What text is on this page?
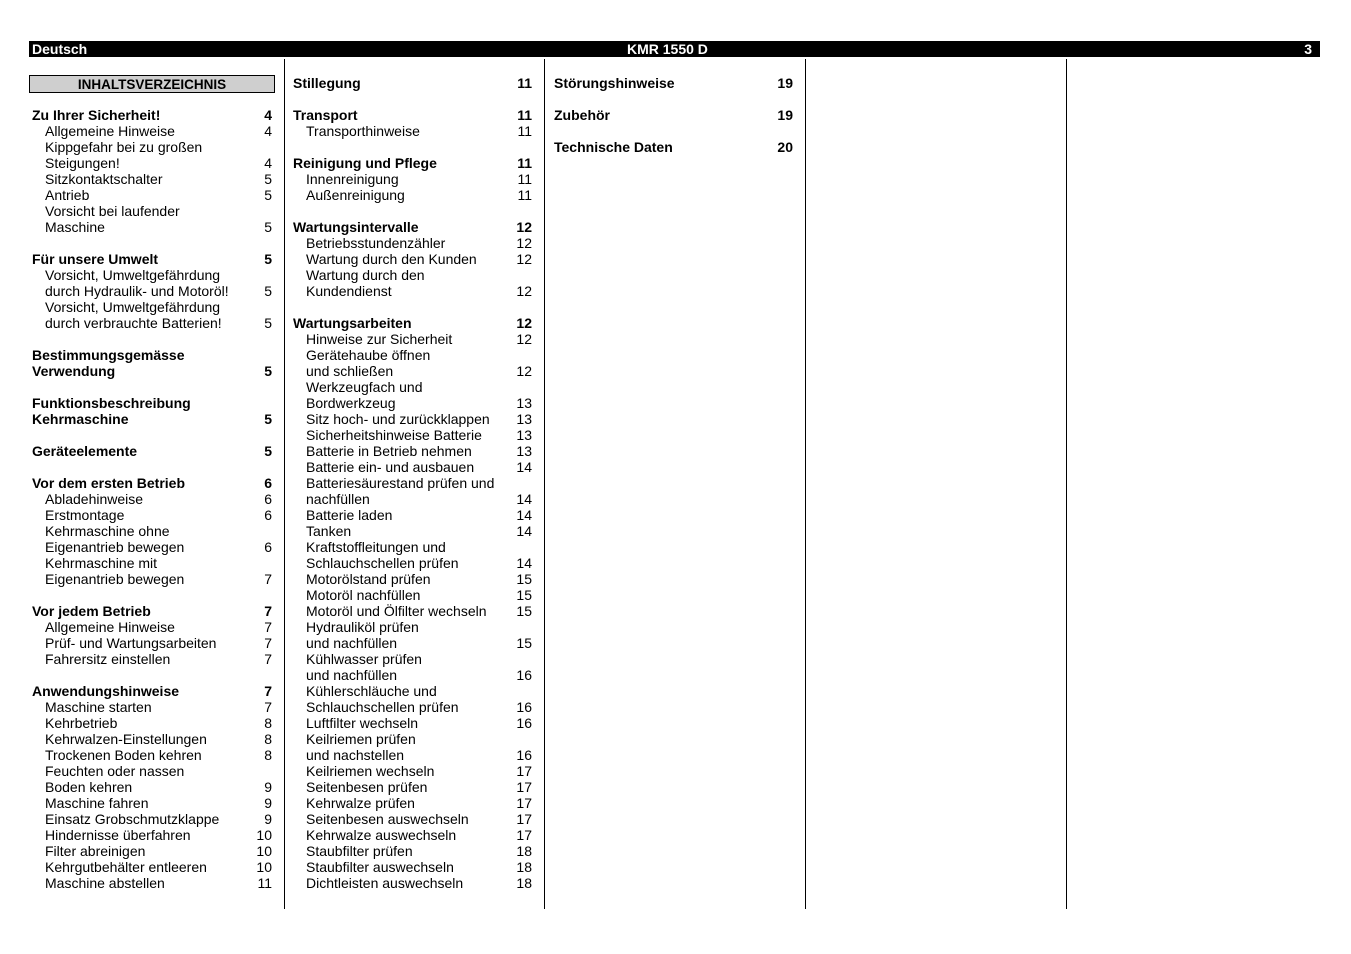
Deutsch	KMR 1550 D	3
INHALTSVERZEICHNIS
Zu Ihrer Sicherheit!	4
Allgemeine Hinweise	4
Kippgefahr bei zu großen
Steigungen!	4
Sitzkontaktschalter	5
Antrieb	5
Vorsicht bei laufender
Maschine	5
Für unsere Umwelt	5
Vorsicht, Umweltgefährdung
durch Hydraulik- und Motoröl!	5
Vorsicht, Umweltgefährdung
durch verbrauchte Batterien!	5
Bestimmungsgemässe
Verwendung	5
Funktionsbeschreibung
Kehrmaschine	5
Geräteelemente	5
Vor dem ersten Betrieb	6
Abladehinweise	6
Erstmontage	6
Kehrmaschine ohne
Eigenantrieb bewegen	6
Kehrmaschine mit
Eigenantrieb bewegen	7
Vor jedem Betrieb	7
Allgemeine Hinweise	7
Prüf- und Wartungsarbeiten	7
Fahrersitz einstellen	7
Anwendungshinweise	7
Maschine starten	7
Kehrbetrieb	8
Kehrwalzen-Einstellungen	8
Trockenen Boden kehren	8
Feuchten oder nassen
Boden kehren	9
Maschine fahren	9
Einsatz Grobschmutzklappe	9
Hindernisse überfahren	10
Filter abreinigen	10
Kehrgutbehälter entleeren	10
Maschine abstellen	11
Stillegung	11
Transport	11
Transporthinweise	11
Reinigung und Pflege	11
Innenreinigung	11
Außenreinigung	11
Wartungsintervalle	12
Betriebsstundenzähler	12
Wartung durch den Kunden	12
Wartung durch den
Kundendienst	12
Wartungsarbeiten	12
Hinweise zur Sicherheit	12
Gerätehaube öffnen
und schließen	12
Werkzeugfach und
Bordwerkzeug	13
Sitz hoch- und zurückklappen 13
Sicherheitshinweise Batterie 13
Batterie in Betrieb nehmen	13
Batterie ein- und ausbauen	14
Batteriesäurestand prüfen und
nachfüllen	14
Batterie laden	14
Tanken	14
Kraftstoffleitungen und
Schlauchschellen prüfen	14
Motorölstand prüfen	15
Motoröl nachfüllen	15
Motoröl und Ölfilter wechseln 15
Hydrauliköl prüfen
und nachfüllen	15
Kühlwasser prüfen
und nachfüllen	16
Kühlerschläuche und
Schlauchschellen prüfen	16
Luftfilter wechseln	16
Keilriemen prüfen
und nachstellen	16
Keilriemen wechseln	17
Seitenbesen prüfen	17
Kehrwalze prüfen	17
Seitenbesen auswechseln	17
Kehrwalze auswechseln	17
Staubfilter prüfen	18
Staubfilter auswechseln	18
Dichtleisten auswechseln	18
Störungshinweise	19
Zubehör	19
Technische Daten	20
